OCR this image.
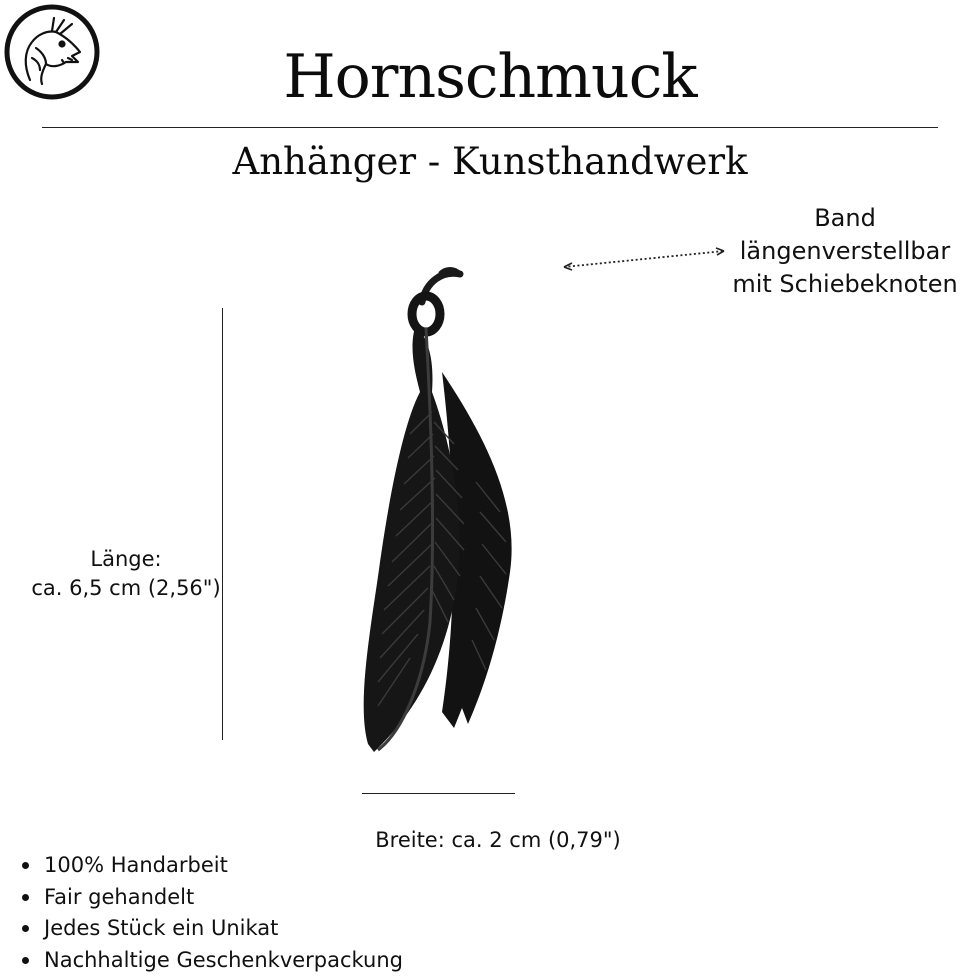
Hornschmuck
Anhänger - Kunsthandwerk
Band
längenverstellbar
mit Schiebeknoten
Länge:
ca. 6,5 cm (2,56")
Breite: ca. 2 cm (0,79")
100% Handarbeit
Fair gehandelt
Jedes Stück ein Unikat
Nachhaltige Geschenkverpackung
